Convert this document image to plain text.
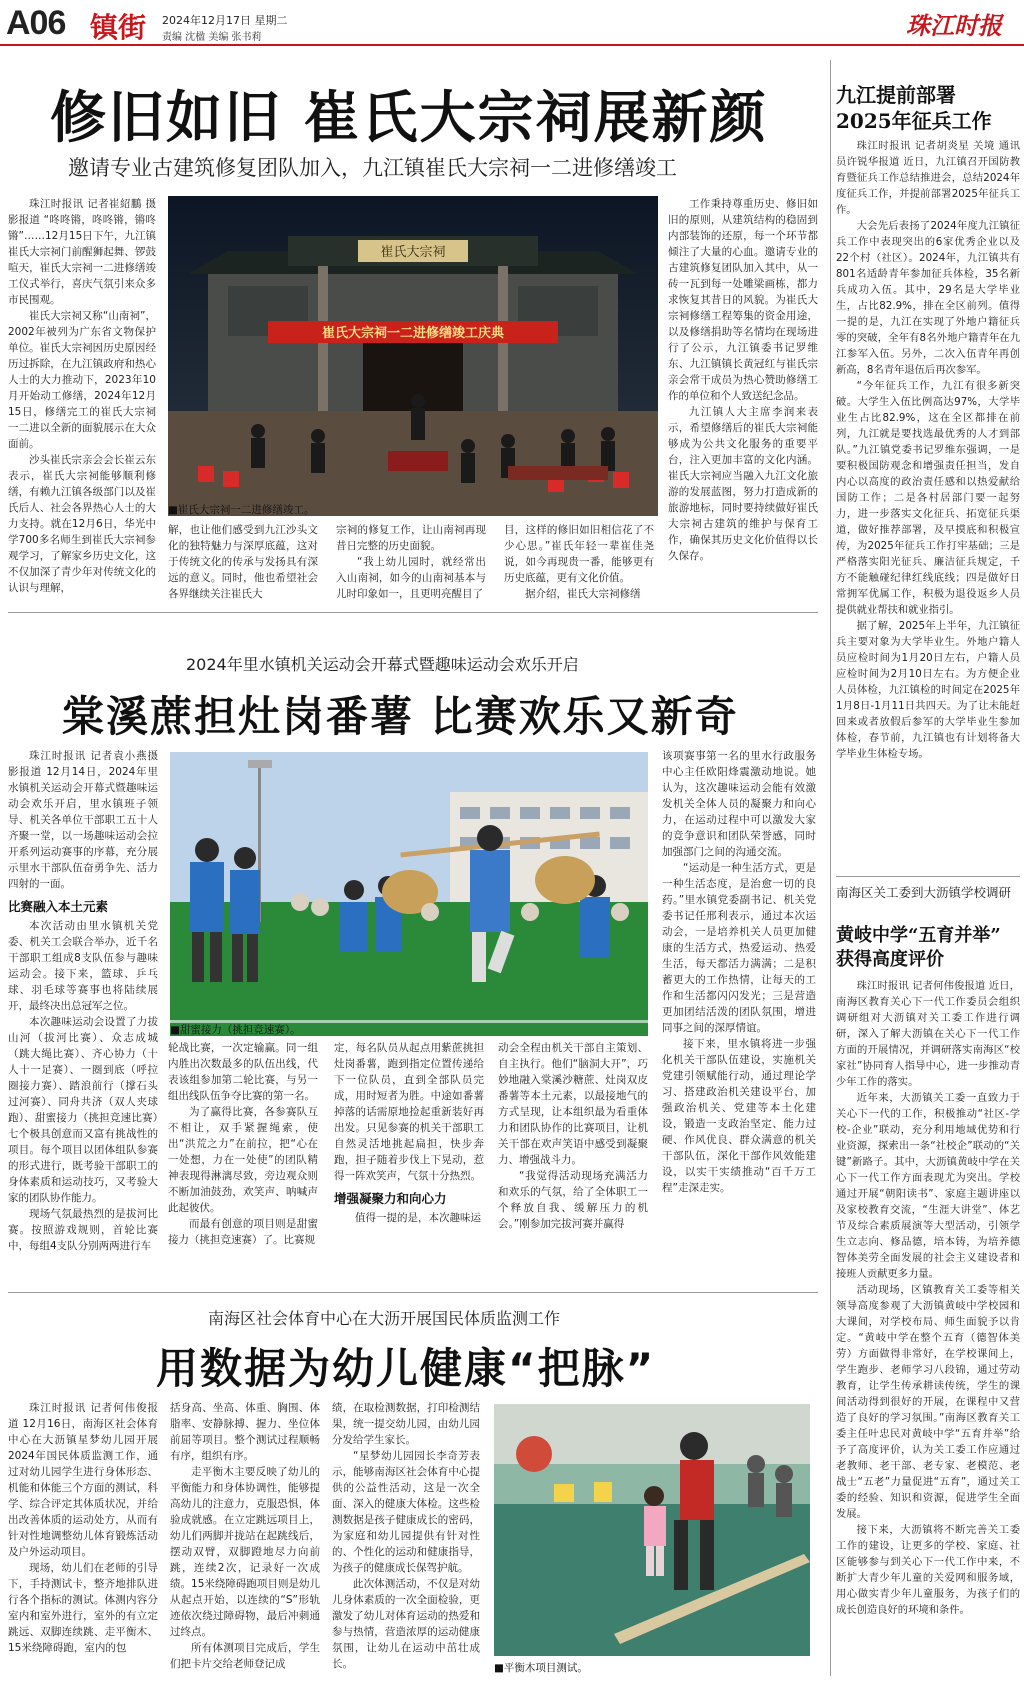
A06 镇街 2024年12月17日 星期二
责编 沈楹 美编 张书莉	珠江时报
修旧如旧 崔氏大宗祠展新颜
邀请专业古建筑修复团队加入，九江镇崔氏大宗祠一二进修缮竣工

珠江时报讯 记者崔紹鵬 摄影报道 “咚咚锵，咚咚锵，锵咚锵”……12月15日下午，九江镇崔氏大宗祠门前醒狮起舞、锣鼓喧天，崔氏大宗祠一二进修缮竣工仪式举行，喜庆气氛引来众多市民围观。

崔氏大宗祠又称“山南祠”，2002年被列为广东省文物保护单位。崔氏大宗祠因历史原因经历过拆除，在九江镇政府和热心人士的大力推动下，2023年10月开始动工修缮，2024年12月15日，修缮完工的崔氏大宗祠一二进以全新的面貌展示在大众面前。

沙头崔氏宗亲会会长崔云东表示，崔氏大宗祠能够顺利修缮，有赖九江镇各级部门以及崔氏后人、社会各界热心人士的大力支持。就在12月6日，华光中学700多名师生到崔氏大宗祠参观学习，了解家乡历史文化，这不仅加深了青少年对传统文化的认识与理解，

崔氏大宗祠
崔氏大宗祠一二进修缮竣工庆典
■崔氏大宗祠一二进修缮竣工。

解，也让他们感受到九江沙头文化的独特魅力与深厚底蕴，这对于传统文化的传承与发扬具有深远的意义。同时，他也希望社会各界继续关注崔氏大

宗祠的修复工作，让山南祠再现昔日完整的历史面貌。

“我上幼儿园时，就经常出入山南祠，如今的山南祠基本与儿时印象如一，且更明亮醒目了

目，这样的修旧如旧相信花了不少心思。”崔氏年轻一辈崔佳尧说，如今再现贵一番，能够更有历史底蕴，更有文化价值。

据介绍，崔氏大宗祠修缮

工作秉持尊重历史、修旧如旧的原则，从建筑结构的稳固到内部装饰的还原，每一个环节都倾注了大量的心血。邀请专业的古建筑修复团队加入其中，从一砖一瓦到每一处雕梁画栋，都力求恢复其昔日的风貌。为崔氏大宗祠修缮工程筹集的资金用途，以及修缮捐助等名情均在现场进行了公示，九江镇委书记罗维东、九江镇镇长黄冠红与崔氏宗亲会常干成员为热心赞助修缮工作的单位和个人致送纪念品。

九江镇人大主席李润来表示，希望修缮后的崔氏大宗祠能够成为公共文化服务的重要平台，注入更加丰富的文化内涵。崔氏大宗祠应当融入九江文化旅游的发展蓝图，努力打造成新的旅游地标，同时要持续做好崔氏大宗祠古建筑的维护与保育工作，确保其历史文化价值得以长久保存。

2024年里水镇机关运动会开幕式暨趣味运动会欢乐开启
棠溪蔗担灶岗番薯 比赛欢乐又新奇

珠江时报讯 记者袁小燕摄 影报道 12月14日，2024年里水镇机关运动会开幕式暨趣味运动会欢乐开启，里水镇班子领导、机关各单位干部职工五十人齐聚一堂，以一场趣味运动会拉开系列运动赛事的序幕，充分展示里水干部队伍奋勇争先、活力四射的一面。

比赛融入本土元素

本次活动由里水镇机关党委、机关工会联合举办，近千名干部职工组成8支队伍参与趣味运动会。接下来，篮球、乒乓球、羽毛球等赛事也将陆续展开，最终决出总冠军之位。

本次趣味运动会设置了力拔山河（拔河比赛）、众志成城（跳大绳比赛）、齐心协力（十人十一足赛）、一圈到底（呼拉圈接力赛）、踏浪前行（撑石头过河赛）、同舟共济（双人夹球跑）、甜蜜接力（挑担竞速比赛）七个极具创意而又富有挑战性的项目。每个项目以团体组队参赛的形式进行，既考验干部职工的身体素质和运动技巧，又考验大家的团队协作能力。

现场气氛最热烈的是拔河比赛。按照游戏规则，首轮比赛中，每组4支队分别两两进行车

■甜蜜接力（挑担竞速赛）。

轮战比赛，一次定输赢。同一组内胜出次数最多的队伍出线，代表该组参加第二轮比赛，与另一组出线队伍争夺比赛的第一名。

为了赢得比赛，各参赛队互不相让，双手紧握绳索，使出“洪荒之力”在前拉，把“心在一处想，力在一处使”的团队精神表现得淋漓尽致，旁边观众则不断加油鼓劲，欢笑声、呐喊声此起彼伏。

而最有创意的项目则是甜蜜接力（挑担竞速赛）了。比赛规

定，每名队员从起点用紫蔗挑担灶岗番薯，跑到指定位置传递给下一位队员，直到全部队员完成，用时短者为胜。中途如番薯掉落的话需原地捡起重新装好再出发。只见参赛的机关干部职工自然灵活地挑起扁担，快步奔跑，担子随着步伐上下晃动，惹得一阵欢笑声，气氛十分热烈。

增强凝聚力和向心力

值得一提的是，本次趣味运

动会全程由机关干部自主策划、自主执行。他们“脑洞大开”，巧妙地融入棠溪沙糖蔗、灶岗双皮番薯等本土元素，以最接地气的方式呈现，让本组织最为看重体力和团队协作的比赛项目，让机关干部在欢声笑语中感受到凝聚力、增强战斗力。

“我觉得活动现场充满活力和欢乐的气氛，给了全体职工一个释放自我、缓解压力的机会。”刚参加完拔河赛并赢得

该项赛事第一名的里水行政服务中心主任欧阳烽震激动地说。她认为，这次趣味运动会能有效激发机关全体人员的凝聚力和向心力，在运动过程中可以激发大家的竞争意识和团队荣誉感，同时加强部门之间的沟通交流。

“运动是一种生活方式，更是一种生活态度，是治愈一切的良药。”里水镇党委副书记、机关党委书记任邢利表示，通过本次运动会，一是培养机关人员更加健康的生活方式，热爱运动、热爱生活，每天都活力满满；二是积蓄更大的工作热情，让每天的工作和生活都闪闪发光；三是营造更加团结活泼的团队氛围，增进同事之间的深厚情谊。

接下来，里水镇将进一步强化机关干部队伍建设，实施机关党建引领赋能行动，通过理论学习、搭建政治机关建设平台，加强政治机关、党建等本土化建设，锻造一支政治坚定、能力过硬、作风优良、群众满意的机关干部队伍，深化干部作风效能建设，以实干实绩推动“百千万工程”走深走实。

南海区社会体育中心在大沥开展国民体质监测工作
用数据为幼儿健康“把脉”

珠江时报讯 记者何伟俊报道 12月16日，南海区社会体育中心在大沥镇星梦幼儿园开展2024年国民体质监测工作，通过对幼儿园学生进行身体形态、机能和体能三个方面的测试，科学、综合评定其体质状况，并给出改善体质的运动处方，从而有针对性地调整幼儿体育锻炼活动及户外运动项目。

现场，幼儿们在老师的引导下，手持测试卡，整齐地排队进行各个指标的测试。体测内容分室内和室外进行，室外的有立定跳远、双脚连续跳、走平衡木、15米绕障碍跑，室内的包

括身高、坐高、体重、胸围、体脂率、安静脉搏、握力、坐位体前屈等项目。整个测试过程顺畅有序，组织有序。

走平衡木主要反映了幼儿的平衡能力和身体协调性，能够提高幼儿的注意力，克服恐惧，体验成就感。在立定跳远项目上，幼儿们两脚并拢站在起跳线后，摆动双臂，双脚蹬地尽力向前跳，连续2次，记录好一次成绩。15米绕障碍跑项目则是幼儿从起点开始，以连续的“S”形轨迹依次绕过障碍物，最后冲刺通过终点。

所有体测项目完成后，学生们把卡片交给老师登记成

绩，在取检测数据，打印检测结果，统一提交幼儿园，由幼儿园分发给学生家长。

“星梦幼儿园园长李奇芳表示，能够南海区社会体育中心提供的公益性活动，这是一次全面、深入的健康大体检。这些检测数据是孩子健康成长的密码，为家庭和幼儿园提供有针对性的、个性化的运动和健康指导，为孩子的健康成长保驾护航。

此次体测活动，不仅是对幼儿身体素质的一次全面检验，更激发了幼儿对体育运动的热爱和参与热情，营造浓厚的运动健康氛围，让幼儿在运动中茁壮成长。	■平衡木项目测试。
九江提前部署
2025年征兵工作

珠江时报讯 记者胡炎星 关境 通讯员许锐华报道 近日，九江镇召开国防教育暨征兵工作总结推进会，总结2024年度征兵工作，并提前部署2025年征兵工作。

大会先后表扬了2024年度九江镇征兵工作中表现突出的6家优秀企业以及22个村（社区）。2024年，九江镇共有801名适龄青年参加征兵体检，35名新兵成功入伍。其中，29名是大学毕业生，占比82.9%，排在全区前列。值得一提的是，九江在实现了外地户籍征兵零的突破，全年有8名外地户籍青年在九江参军入伍。另外，二次入伍青年再创新高，8名青年退伍后再次参军。

“今年征兵工作，九江有很多新突破。大学生入伍比例高达97%，大学毕业生占比82.9%，这在全区都排在前列，九江就是要找选最优秀的人才到部队。”九江镇党委书记罗维东强调，一是要积极国防观念和增强责任担当，发自内心以高度的政治责任感和以热爱献给国防工作；二是各村居部门要一起努力，进一步落实文化征兵、拓宽征兵渠道，做好推荐部署，及早摸底和积极宣传，为2025年征兵工作打牢基础；三是严格落实阳光征兵、廉洁征兵规定，千方不能触碰纪律红线底线；四是做好日常拥军优属工作，积极为退役返乡人员提供就业帮扶和就业指引。

据了解，2025年上半年，九江镇征兵主要对象为大学毕业生。外地户籍人员应检时间为1月20日左右，户籍人员应检时间为2月10日左右。为方便企业人员体检，九江镇检的时间定在2025年1月8日-1月11日共四天。为了让未能赶回来或者放假后参军的大学毕业生参加体检，春节前，九江镇也有计划将备大学毕业生体检专场。

南海区关工委到大沥镇学校调研
黄岐中学“五育并举”
获得高度评价

珠江时报讯 记者何伟俊报道 近日，南海区教育关心下一代工作委员会组织调研组对大沥镇对关工委工作进行调研，深入了解大沥镇在关心下一代工作方面的开展情况，并调研落实南海区“校家社”协同育人指导中心，进一步推动青少年工作的落实。

近年来，大沥镇关工委一直致力于关心下一代的工作，积极推动“社区-学校-企业”联动，充分利用地域优势和行业资源，探索出一条“社校企”联动的“关键”新路子。其中，大沥镇黄岐中学在关心下一代工作方面表现尤为突出。学校通过开展“朝阳读书”、家庭主题讲座以及家校教育交流，“生涯大讲堂”、体艺节及综合素质展演等大型活动，引领学生立志向、修品德，培本铸，为培养德智体美劳全面发展的社会主义建设者和接班人贡献更多力量。

活动现场，区镇教育关工委等相关领导高度参观了大沥镇黄岐中学校园和大课间，对学校布局、师生面貌予以肯定。“黄岐中学在整个五育（德智体美劳）方面做得非常好，在学校课间上，学生跑步、老师学习八段锦，通过劳动教育，让学生传承耕读传统，学生的课间活动得到很好的开展，在课程中又营造了良好的学习氛围。”南海区教育关工委主任叶忠民对黄岐中学“五育并举”给予了高度评价，认为关工委工作应通过老教师、老干部、老专家、老模范、老战士“五老”力量促进“五育”，通过关工委的经验、知识和资源，促进学生全面发展。

接下来，大沥镇将不断完善关工委工作的建设，让更多的学校、家庭、社区能够参与到关心下一代工作中来，不断扩大青少年儿童的关爱网和服务域，用心做实青少年儿童服务，为孩子们的成长创造良好的环境和条件。
